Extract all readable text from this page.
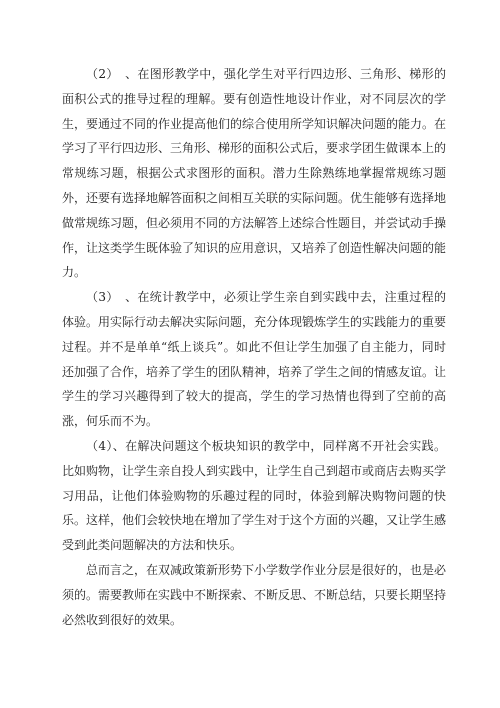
（2）　、在图形教学中，强化学生对平行四边形、三角形、梯形的面积公式的推导过程的理解。要有创造性地设计作业，对不同层次的学生，要通过不同的作业提高他们的综合使用所学知识解决问题的能力。在学习了平行四边形、三角形、梯形的面积公式后，要求学团生做课本上的常规练习题，根据公式求图形的面积。潜力生除熟练地掌握常规练习题外，还要有选择地解答面积之间相互关联的实际问题。优生能够有选择地做常规练习题，但必须用不同的方法解答上述综合性题目，并尝试动手操作，让这类学生既体验了知识的应用意识，又培养了创造性解决问题的能力。

（3）　、在统计教学中，必须让学生亲自到实践中去，注重过程的体验。用实际行动去解决实际问题，充分体现锻炼学生的实践能力的重要过程。并不是单单“纸上谈兵”。如此不但让学生加强了自主能力，同时还加强了合作，培养了学生的团队精神，培养了学生之间的情感友谊。让学生的学习兴趣得到了较大的提高，学生的学习热情也得到了空前的高涨，何乐而不为。

（4）、在解决问题这个板块知识的教学中，同样离不开社会实践。比如购物，让学生亲自投人到实践中，让学生自己到超市或商店去购买学习用品，让他们体验购物的乐趣过程的同时，体验到解决购物问题的快乐。这样，他们会较快地在增加了学生对于这个方面的兴趣，又让学生感受到此类问题解决的方法和快乐。

总而言之，在双减政策新形势下小学数学作业分层是很好的，也是必须的。需要教师在实践中不断探索、不断反思、不断总结，只要长期坚持必然收到很好的效果。
